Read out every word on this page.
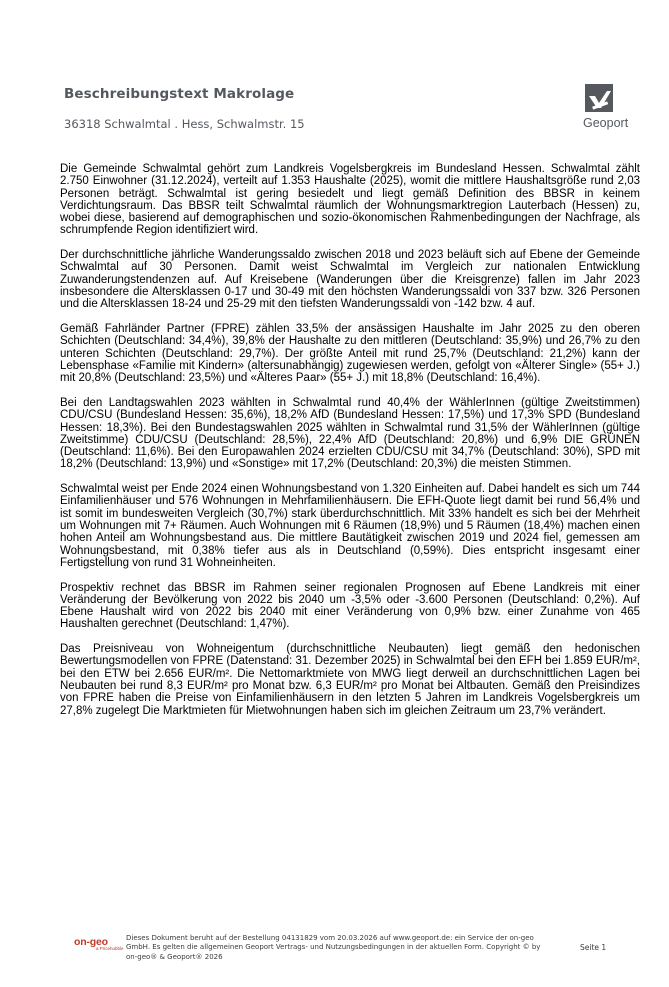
Beschreibungstext Makrolage
36318 Schwalmtal . Hess, Schwalmstr. 15	Geoport

Die Gemeinde Schwalmtal gehört zum Landkreis Vogelsbergkreis im Bundesland Hessen. Schwalmtal zählt 2.750 Einwohner (31.12.2024), verteilt auf 1.353 Haushalte (2025), womit die mittlere Haushaltsgröße rund 2,03 Personen beträgt. Schwalmtal ist gering besiedelt und liegt gemäß Definition des BBSR in keinem Verdichtungsraum. Das BBSR teilt Schwalmtal räumlich der Wohnungsmarktregion Lauterbach (Hessen) zu, wobei diese, basierend auf demographischen und sozio-ökonomischen Rahmenbedingungen der Nachfrage, als schrumpfende Region identifiziert wird.

Der durchschnittliche jährliche Wanderungssaldo zwischen 2018 und 2023 beläuft sich auf Ebene der Gemeinde Schwalmtal auf 30 Personen. Damit weist Schwalmtal im Vergleich zur nationalen Entwicklung Zuwanderungstendenzen auf. Auf Kreisebene (Wanderungen über die Kreisgrenze) fallen im Jahr 2023 insbesondere die Altersklassen 0-17 und 30-49 mit den höchsten Wanderungssaldi von 337 bzw. 326 Personen und die Altersklassen 18-24 und 25-29 mit den tiefsten Wanderungssaldi von -142 bzw. 4 auf.

Gemäß Fahrländer Partner (FPRE) zählen 33,5% der ansässigen Haushalte im Jahr 2025 zu den oberen Schichten (Deutschland: 34,4%), 39,8% der Haushalte zu den mittleren (Deutschland: 35,9%) und 26,7% zu den unteren Schichten (Deutschland: 29,7%). Der größte Anteil mit rund 25,7% (Deutschland: 21,2%) kann der Lebensphase «Familie mit Kindern» (altersunabhängig) zugewiesen werden, gefolgt von «Älterer Single» (55+ J.) mit 20,8% (Deutschland: 23,5%) und «Älteres Paar» (55+ J.) mit 18,8% (Deutschland: 16,4%).

Bei den Landtagswahlen 2023 wählten in Schwalmtal rund 40,4% der WählerInnen (gültige Zweitstimmen) CDU/CSU (Bundesland Hessen: 35,6%), 18,2% AfD (Bundesland Hessen: 17,5%) und 17,3% SPD (Bundesland Hessen: 18,3%). Bei den Bundestagswahlen 2025 wählten in Schwalmtal rund 31,5% der WählerInnen (gültige Zweitstimme) CDU/CSU (Deutschland: 28,5%), 22,4% AfD (Deutschland: 20,8%) und 6,9% DIE GRÜNEN (Deutschland: 11,6%). Bei den Europawahlen 2024 erzielten CDU/CSU mit 34,7% (Deutschland: 30%), SPD mit 18,2% (Deutschland: 13,9%) und «Sonstige» mit 17,2% (Deutschland: 20,3%) die meisten Stimmen.

Schwalmtal weist per Ende 2024 einen Wohnungsbestand von 1.320 Einheiten auf. Dabei handelt es sich um 744 Einfamilienhäuser und 576 Wohnungen in Mehrfamilienhäusern. Die EFH-Quote liegt damit bei rund 56,4% und ist somit im bundesweiten Vergleich (30,7%) stark überdurchschnittlich. Mit 33% handelt es sich bei der Mehrheit um Wohnungen mit 7+ Räumen. Auch Wohnungen mit 6 Räumen (18,9%) und 5 Räumen (18,4%) machen einen hohen Anteil am Wohnungsbestand aus. Die mittlere Bautätigkeit zwischen 2019 und 2024 fiel, gemessen am Wohnungsbestand, mit 0,38% tiefer aus als in Deutschland (0,59%). Dies entspricht insgesamt einer Fertigstellung von rund 31 Wohneinheiten.

Prospektiv rechnet das BBSR im Rahmen seiner regionalen Prognosen auf Ebene Landkreis mit einer Veränderung der Bevölkerung von 2022 bis 2040 um -3,5% oder -3.600 Personen (Deutschland: 0,2%). Auf Ebene Haushalt wird von 2022 bis 2040 mit einer Veränderung von 0,9% bzw. einer Zunahme von 465 Haushalten gerechnet (Deutschland: 1,47%).

Das Preisniveau von Wohneigentum (durchschnittliche Neubauten) liegt gemäß den hedonischen Bewertungsmodellen von FPRE (Datenstand: 31. Dezember 2025) in Schwalmtal bei den EFH bei 1.859 EUR/m², bei den ETW bei 2.656 EUR/m². Die Nettomarktmiete von MWG liegt derweil an durchschnittlichen Lagen bei Neubauten bei rund 8,3 EUR/m² pro Monat bzw. 6,3 EUR/m² pro Monat bei Altbauten. Gemäß den Preisindizes von FPRE haben die Preise von Einfamilienhäusern in den letzten 5 Jahren im Landkreis Vogelsbergkreis um 27,8% zugelegt Die Marktmieten für Mietwohnungen haben sich im gleichen Zeitraum um 23,7% verändert.

on-geo
a Pricehubble
Dieses Dokument beruht auf der Bestellung 04131829 vom 20.03.2026 auf www.geoport.de: ein Service der on-geo GmbH. Es gelten die allgemeinen Geoport Vertrags- und Nutzungsbedingungen in der aktuellen Form. Copyright © by on-geo® & Geoport® 2026
Seite 1
